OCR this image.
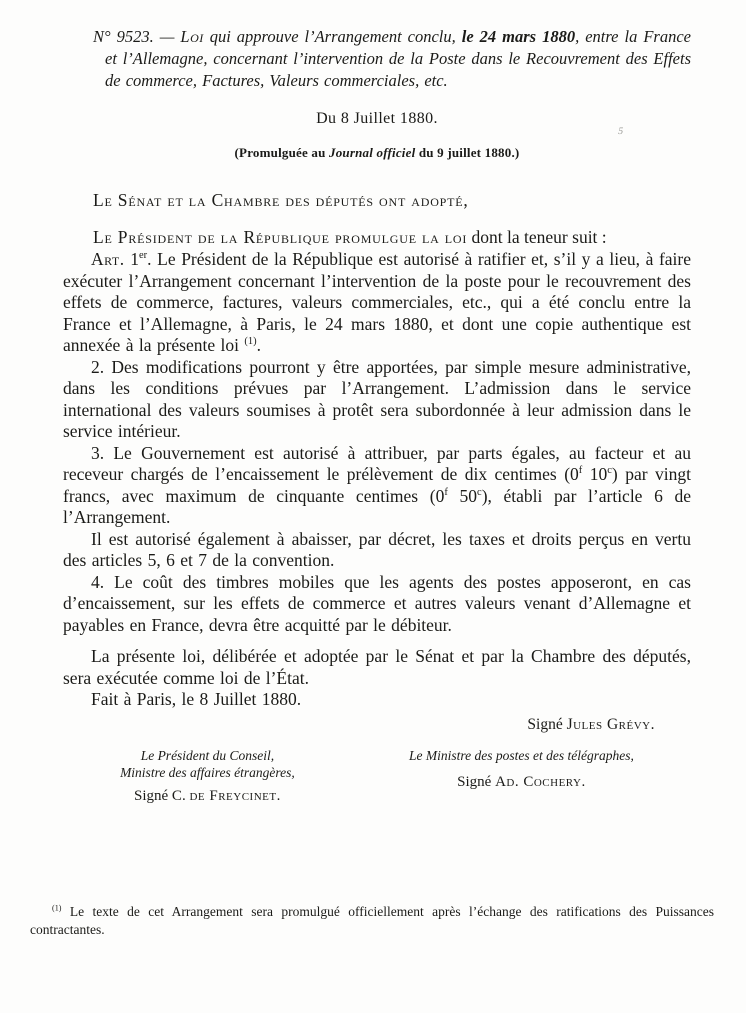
5
N° 9523. — Loi qui approuve l’Arrangement conclu, le 24 mars 1880, entre la France et l’Allemagne, concernant l’intervention de la Poste dans le Recouvrement des Effets de commerce, Factures, Valeurs commerciales, etc.
Du 8 Juillet 1880.
(Promulguée au Journal officiel du 9 juillet 1880.)
Le Sénat et la Chambre des députés ont adopté,
Le Président de la République promulgue la loi dont la teneur suit :

Art. 1er. Le Président de la République est autorisé à ratifier et, s’il y a lieu, à faire exécuter l’Arrangement concernant l’intervention de la poste pour le recouvrement des effets de commerce, factures, valeurs commerciales, etc., qui a été conclu entre la France et l’Allemagne, à Paris, le 24 mars 1880, et dont une copie authentique est annexée à la présente loi $^{(1)}$.

2. Des modifications pourront y être apportées, par simple mesure administrative, dans les conditions prévues par l’Arrangement. L’admission dans le service international des valeurs soumises à protêt sera subordonnée à leur admission dans le service intérieur.

3. Le Gouvernement est autorisé à attribuer, par parts égales, au facteur et au receveur chargés de l’encaissement le prélèvement de dix centimes (0$^f$ 10$^c$) par vingt francs, avec maximum de cinquante centimes (0$^f$ 50$^c$), établi par l’article 6 de l’Arrangement.

Il est autorisé également à abaisser, par décret, les taxes et droits perçus en vertu des articles 5, 6 et 7 de la convention.

4. Le coût des timbres mobiles que les agents des postes apposeront, en cas d’encaissement, sur les effets de commerce et autres valeurs venant d’Allemagne et payables en France, devra être acquitté par le débiteur.

La présente loi, délibérée et adoptée par le Sénat et par la Chambre des députés, sera exécutée comme loi de l’État.

Fait à Paris, le 8 Juillet 1880.

Signé Jules Grévy.
Le Président du Conseil,
Ministre des affaires étrangères,
Signé C. de Freycinet.
Le Ministre des postes et des télégraphes,
Signé Ad. Cochery.
$^{(1)}$ Le texte de cet Arrangement sera promulgué officiellement après l’échange des ratifications des Puissances contractantes.
